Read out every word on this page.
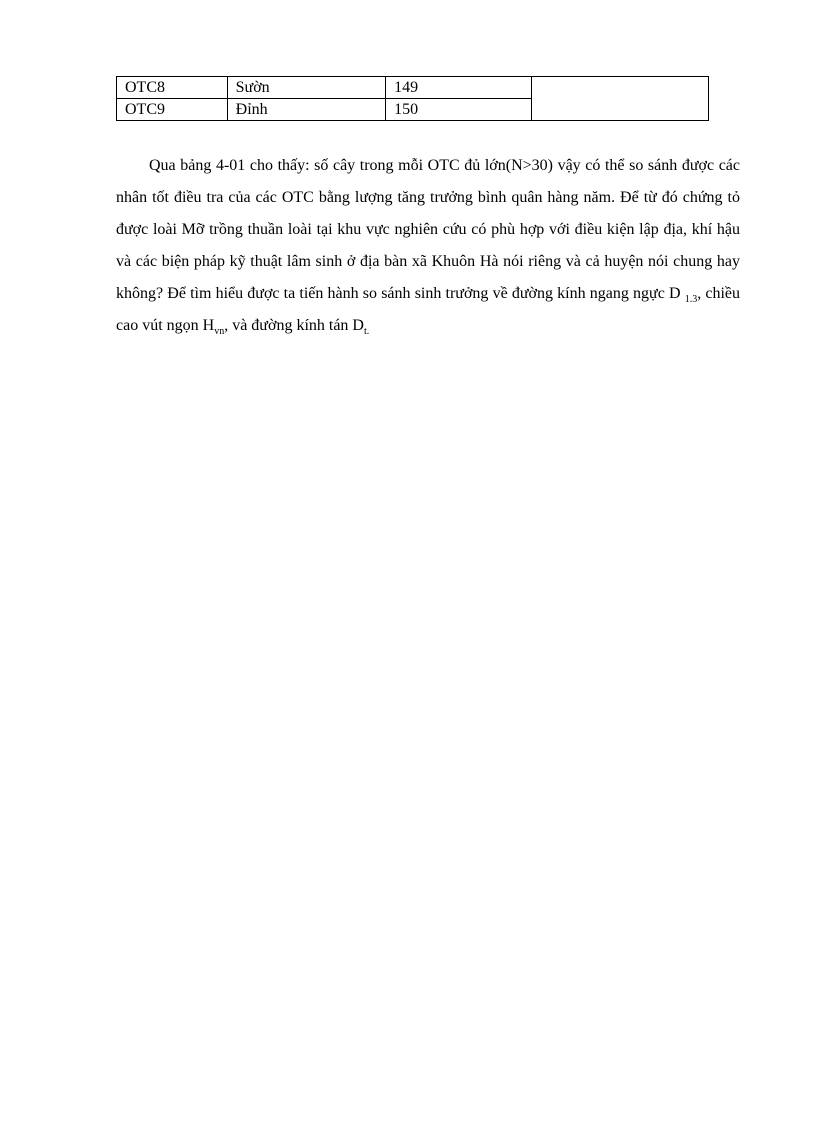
OTC8	Sườn	149	
OTC9	Đỉnh	150	

Qua bảng 4-01 cho thấy: số cây trong mỗi OTC đủ lớn(N>30) vậy có thể so sánh được các nhân tốt điều tra của các OTC bằng lượng tăng trưởng bình quân hàng năm. Để từ đó chứng tỏ được loài Mỡ trồng thuần loài tại khu vực nghiên cứu có phù hợp với điều kiện lập địa, khí hậu và các biện pháp kỹ thuật lâm sinh ở địa bàn xã Khuôn Hà nói riêng và cả huyện nói chung hay không? Để tìm hiểu được ta tiến hành so sánh sinh trưởng về đường kính ngang ngực D $_{1.3}$, chiều cao vút ngọn $H_{vn}$, và đường kính tán $D_{t.}$
